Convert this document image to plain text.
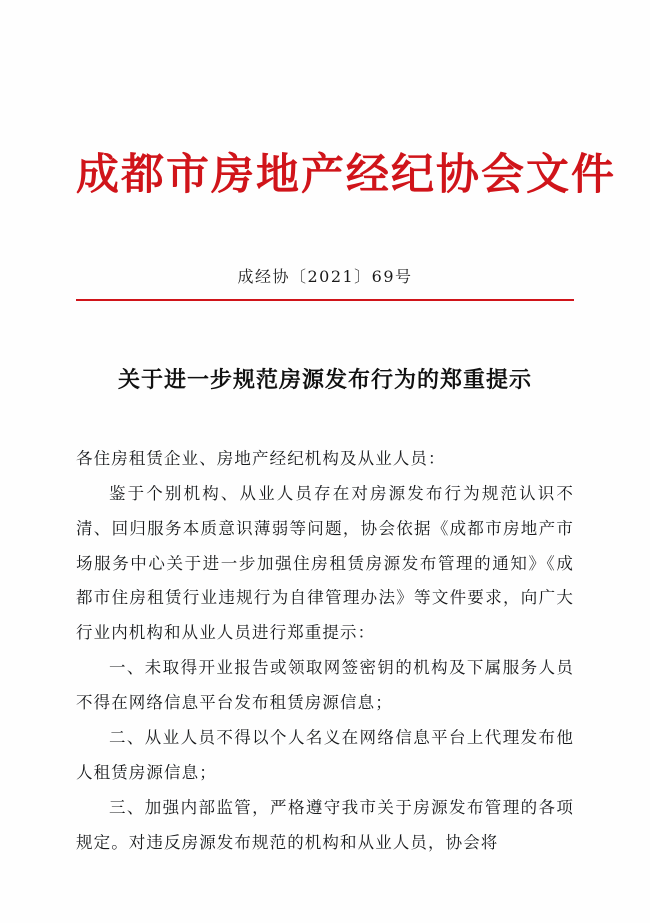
成都市房地产经纪协会文件
成经协〔2021〕69号
关于进一步规范房源发布行为的郑重提示

各住房租赁企业、房地产经纪机构及从业人员：

鉴于个别机构、从业人员存在对房源发布行为规范认识不清、回归服务本质意识薄弱等问题，协会依据《成都市房地产市场服务中心关于进一步加强住房租赁房源发布管理的通知》《成都市住房租赁行业违规行为自律管理办法》等文件要求，向广大行业内机构和从业人员进行郑重提示：

一、未取得开业报告或领取网签密钥的机构及下属服务人员不得在网络信息平台发布租赁房源信息；

二、从业人员不得以个人名义在网络信息平台上代理发布他人租赁房源信息；

三、加强内部监管，严格遵守我市关于房源发布管理的各项规定。对违反房源发布规范的机构和从业人员，协会将
